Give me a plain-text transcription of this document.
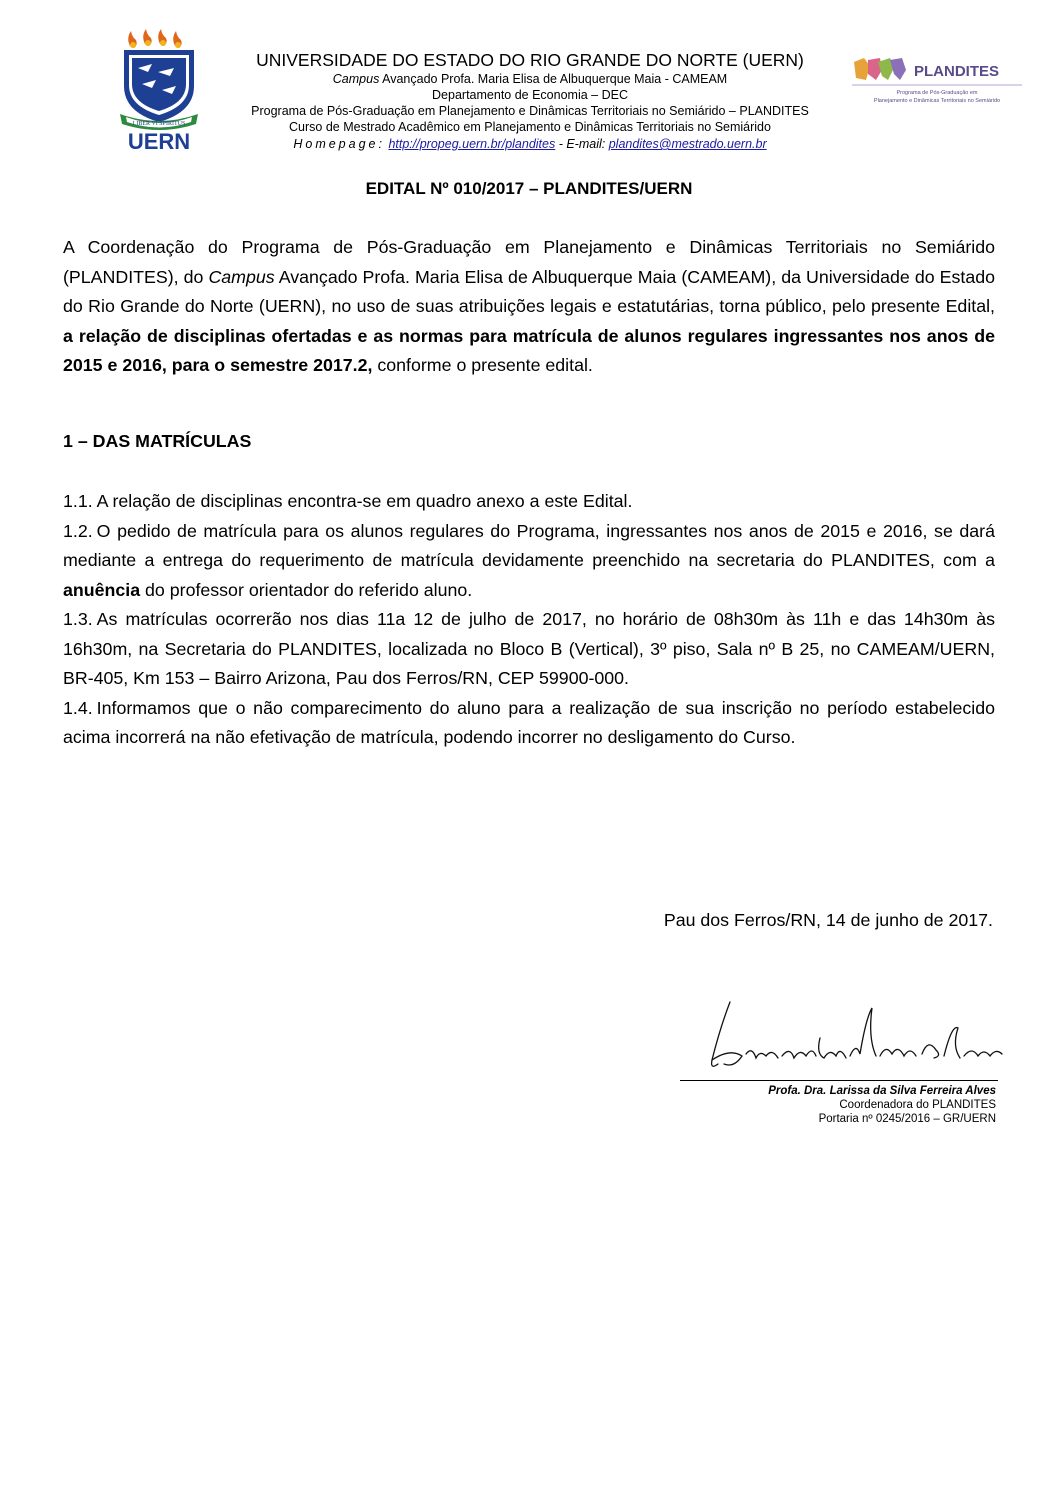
LIBER VI SPIRITUS
UERN
PLANDITES
Programa de Pós-Graduação em
Planejamento e Dinâmicas Territoriais no Semiárido
UNIVERSIDADE DO ESTADO DO RIO GRANDE DO NORTE (UERN)
Campus Avançado Profa. Maria Elisa de Albuquerque Maia - CAMEAM
Departamento de Economia – DEC
Programa de Pós-Graduação em Planejamento e Dinâmicas Territoriais no Semiárido – PLANDITES
Curso de Mestrado Acadêmico em Planejamento e Dinâmicas Territoriais no Semiárido
Homepage: http://propeg.uern.br/plandites - E-mail: plandites@mestrado.uern.br
EDITAL Nº 010/2017 – PLANDITES/UERN
A Coordenação do Programa de Pós-Graduação em Planejamento e Dinâmicas Territoriais no Semiárido (PLANDITES), do Campus Avançado Profa. Maria Elisa de Albuquerque Maia (CAMEAM), da Universidade do Estado do Rio Grande do Norte (UERN), no uso de suas atribuições legais e estatutárias, torna público, pelo presente Edital, a relação de disciplinas ofertadas e as normas para matrícula de alunos regulares ingressantes nos anos de 2015 e 2016, para o semestre 2017.2, conforme o presente edital.
1 – DAS MATRÍCULAS

1.1. A relação de disciplinas encontra-se em quadro anexo a este Edital.

1.2. O pedido de matrícula para os alunos regulares do Programa, ingressantes nos anos de 2015 e 2016, se dará mediante a entrega do requerimento de matrícula devidamente preenchido na secretaria do PLANDITES, com a anuência do professor orientador do referido aluno.

1.3. As matrículas ocorrerão nos dias 11a 12 de julho de 2017, no horário de 08h30m às 11h e das 14h30m às 16h30m, na Secretaria do PLANDITES, localizada no Bloco B (Vertical), 3º piso, Sala nº B 25, no CAMEAM/UERN, BR-405, Km 153 – Bairro Arizona, Pau dos Ferros/RN, CEP 59900-000.

1.4. Informamos que o não comparecimento do aluno para a realização de sua inscrição no período estabelecido acima incorrerá na não efetivação de matrícula, podendo incorrer no desligamento do Curso.

Pau dos Ferros/RN, 14 de junho de 2017.
Profa. Dra. Larissa da Silva Ferreira Alves
Coordenadora do PLANDITES
Portaria nº 0245/2016 – GR/UERN
